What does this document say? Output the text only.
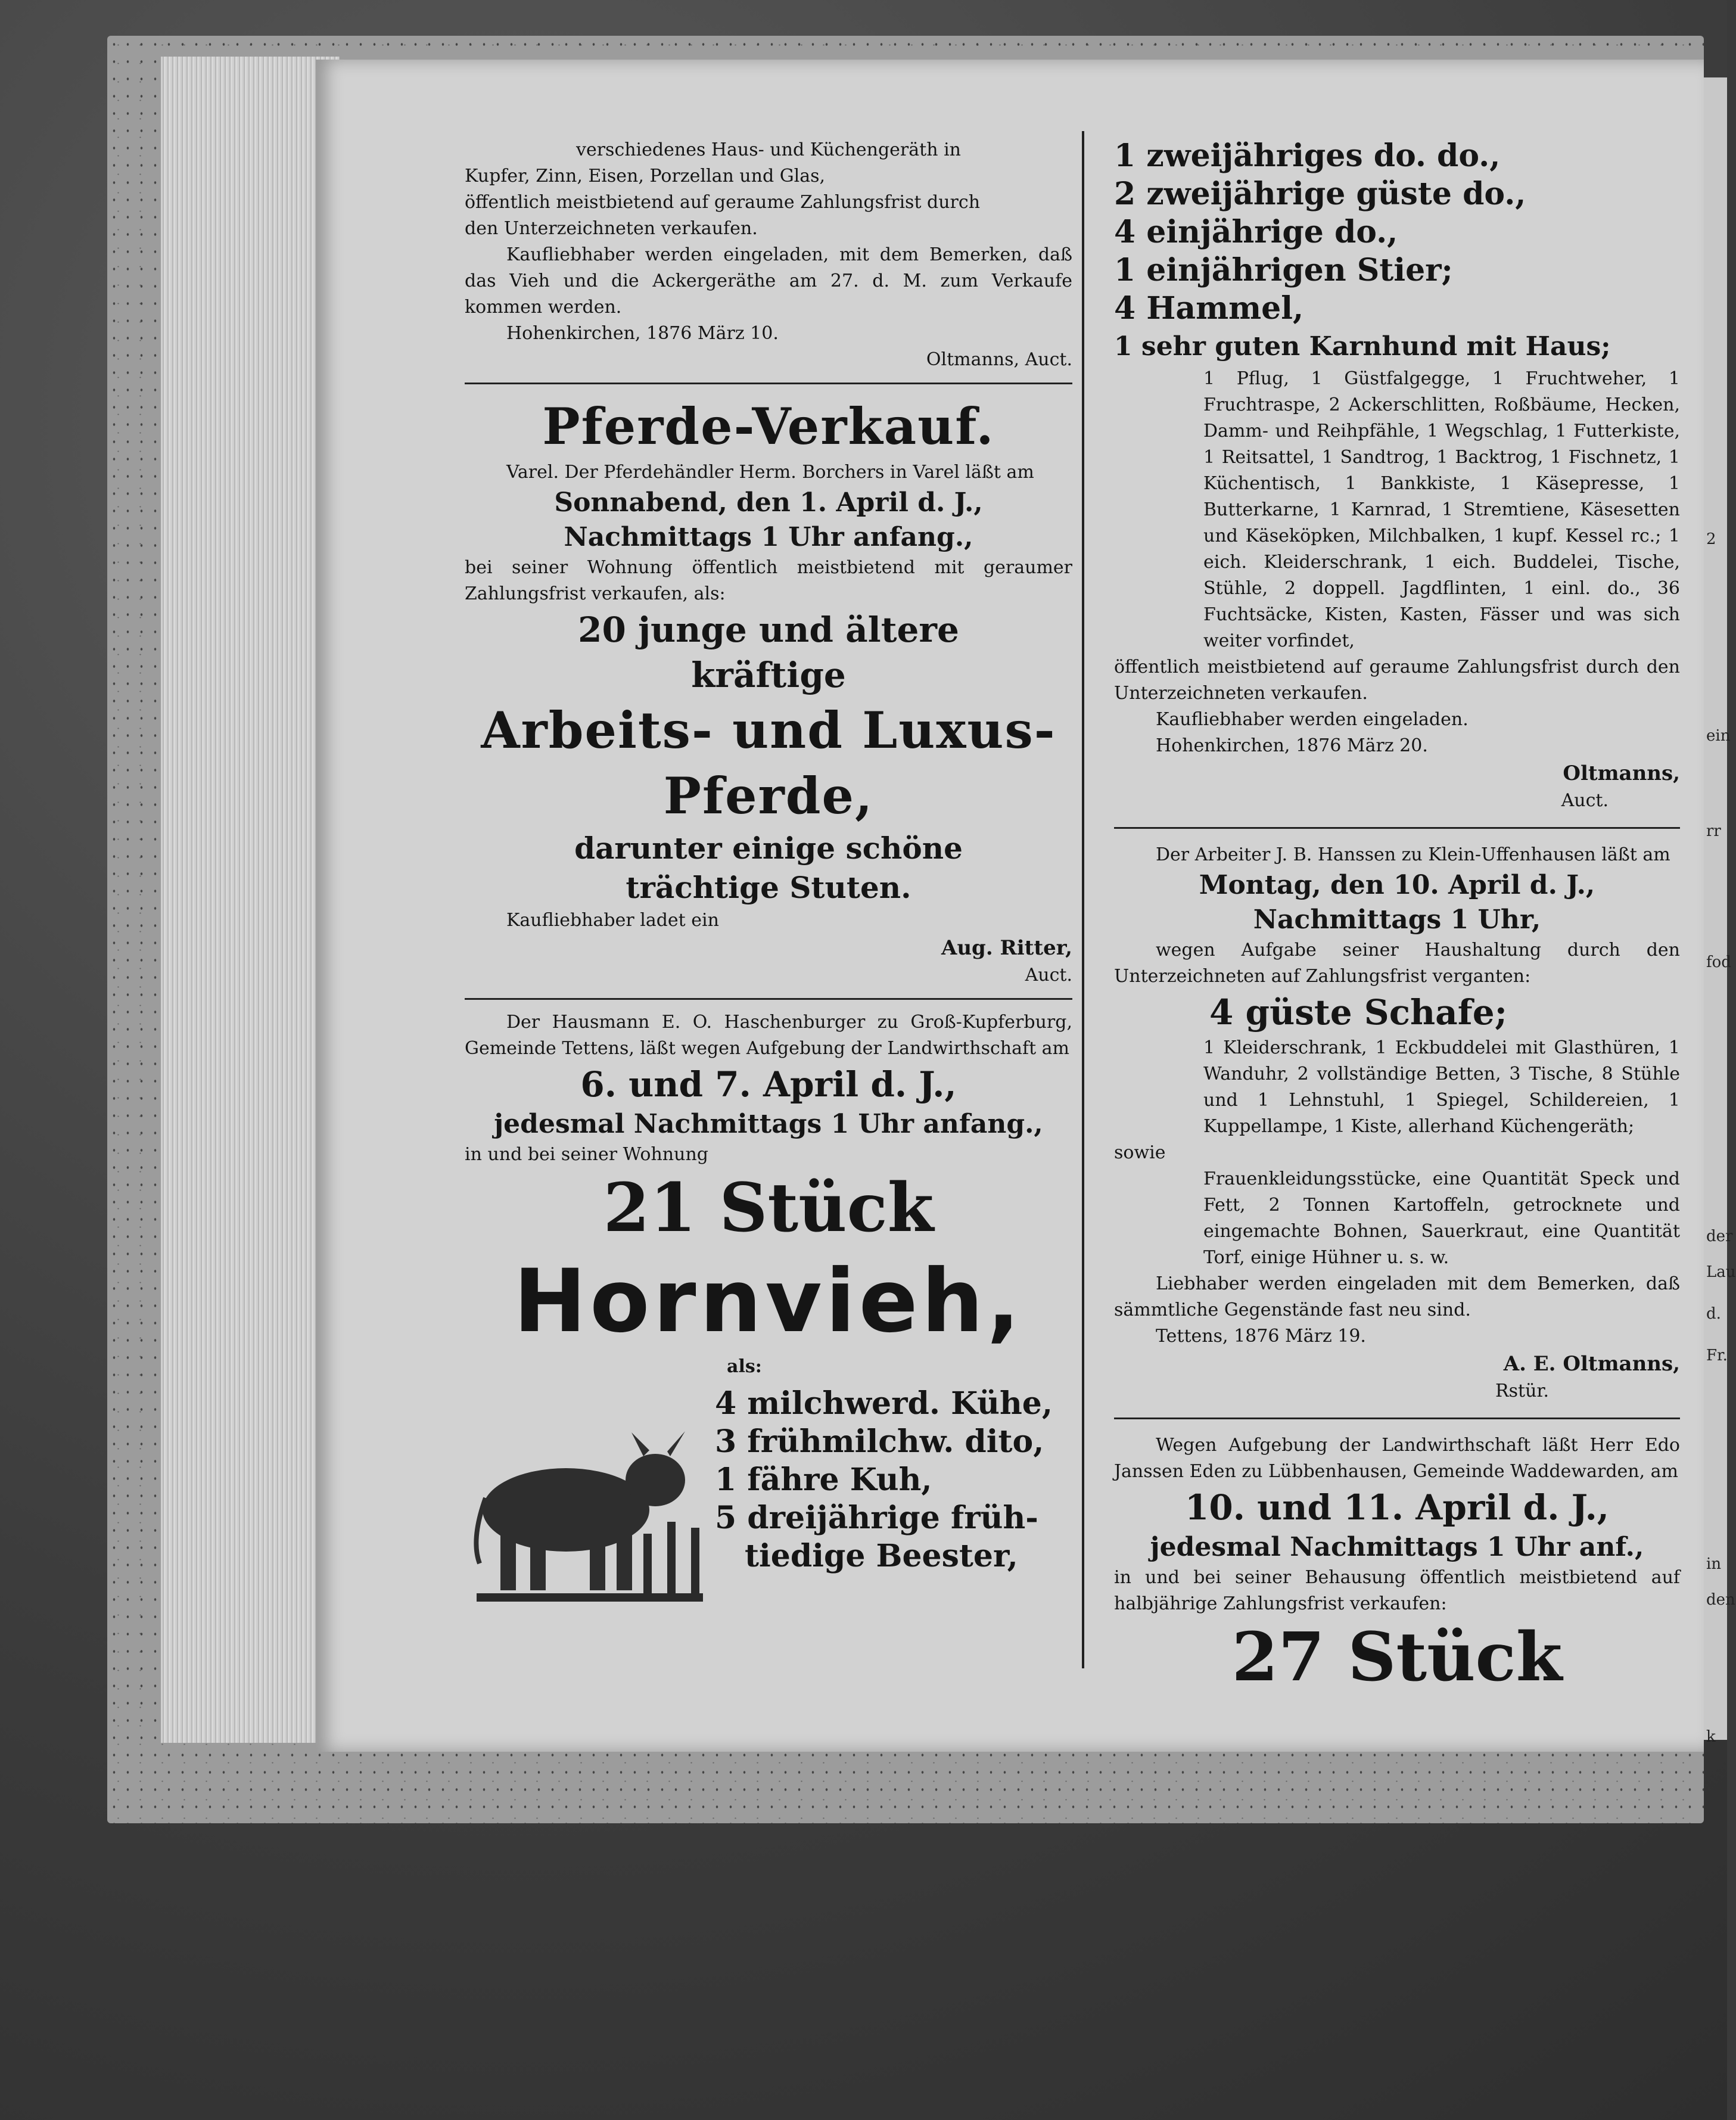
verschiedenes Haus- und Küchengeräth in

Kupfer, Zinn, Eisen, Porzellan und Glas,

öffentlich meistbietend auf geraume Zahlungsfrist durch

den Unterzeichneten verkaufen.

Kaufliebhaber werden eingeladen, mit dem Bemerken, daß das Vieh und die Ackergeräthe am 27. d. M. zum Verkaufe kommen werden.

Hohenkirchen, 1876 März 10.

Oltmanns, Auct.

Pferde-Verkauf.

Varel. Der Pferdehändler Herm. Borchers in Varel läßt am

Sonnabend, den 1. April d. J.,

Nachmittags 1 Uhr anfang.,

bei seiner Wohnung öffentlich meistbietend mit geraumer Zahlungsfrist verkaufen, als:

20 junge und ältere

kräftige

Arbeits- und Luxus-

Pferde,

darunter einige schöne

trächtige Stuten.

Kaufliebhaber ladet ein

Aug. Ritter,

Auct.

Der Hausmann E. O. Haschenburger zu Groß-Kupferburg, Gemeinde Tettens, läßt wegen Aufgebung der Landwirthschaft am

6. und 7. April d. J.,

jedesmal Nachmittags 1 Uhr anfang.,

in und bei seiner Wohnung

21 Stück

Hornvieh,

als:

4 milchwerd. Kühe,

3 frühmilchw. dito,

1 fähre Kuh,

5 dreijährige früh-

tiedige Beester,

1 zweijähriges do. do.,

2 zweijährige güste do.,

4 einjährige do.,

1 einjährigen Stier;

4 Hammel,

1 sehr guten Karnhund mit Haus;

1 Pflug, 1 Güstfalgegge, 1 Fruchtweher, 1 Fruchtraspe, 2 Ackerschlitten, Roßbäume, Hecken, Damm- und Reihpfähle, 1 Wegschlag, 1 Futterkiste, 1 Reitsattel, 1 Sandtrog, 1 Backtrog, 1 Fischnetz, 1 Küchentisch, 1 Bankkiste, 1 Käsepresse, 1 Butterkarne, 1 Karnrad, 1 Stremtiene, Käsesetten und Käseköpken, Milchbalken, 1 kupf. Kessel rc.; 1 eich. Kleiderschrank, 1 eich. Buddelei, Tische, Stühle, 2 doppell. Jagdflinten, 1 einl. do., 36 Fuchtsäcke, Kisten, Kasten, Fässer und was sich weiter vorfindet,

öffentlich meistbietend auf geraume Zahlungsfrist durch den Unterzeichneten verkaufen.

Kaufliebhaber werden eingeladen.

Hohenkirchen, 1876 März 20.

Oltmanns,

Auct.

Der Arbeiter J. B. Hanssen zu Klein-Uffenhausen läßt am

Montag, den 10. April d. J.,

Nachmittags 1 Uhr,

wegen Aufgabe seiner Haushaltung durch den Unterzeichneten auf Zahlungsfrist verganten:

4 güste Schafe;

1 Kleiderschrank, 1 Eckbuddelei mit Glasthüren, 1 Wanduhr, 2 vollständige Betten, 3 Tische, 8 Stühle und 1 Lehnstuhl, 1 Spiegel, Schildereien, 1 Kuppellampe, 1 Kiste, allerhand Küchengeräth;

sowie

Frauenkleidungsstücke, eine Quantität Speck und Fett, 2 Tonnen Kartoffeln, getrocknete und eingemachte Bohnen, Sauerkraut, eine Quantität Torf, einige Hühner u. s. w.

Liebhaber werden eingeladen mit dem Bemerken, daß sämmtliche Gegenstände fast neu sind.

Tettens, 1876 März 19.

A. E. Oltmanns,

Rstür.

Wegen Aufgebung der Landwirthschaft läßt Herr Edo Janssen Eden zu Lübbenhausen, Gemeinde Waddewarden, am

10. und 11. April d. J.,

jedesmal Nachmittags 1 Uhr anf.,

in und bei seiner Behausung öffentlich meistbietend auf halbjährige Zahlungsfrist verkaufen:

27 Stück

2
ein
rr
fod
der
Lau
d.
Fr.
in
den
k
